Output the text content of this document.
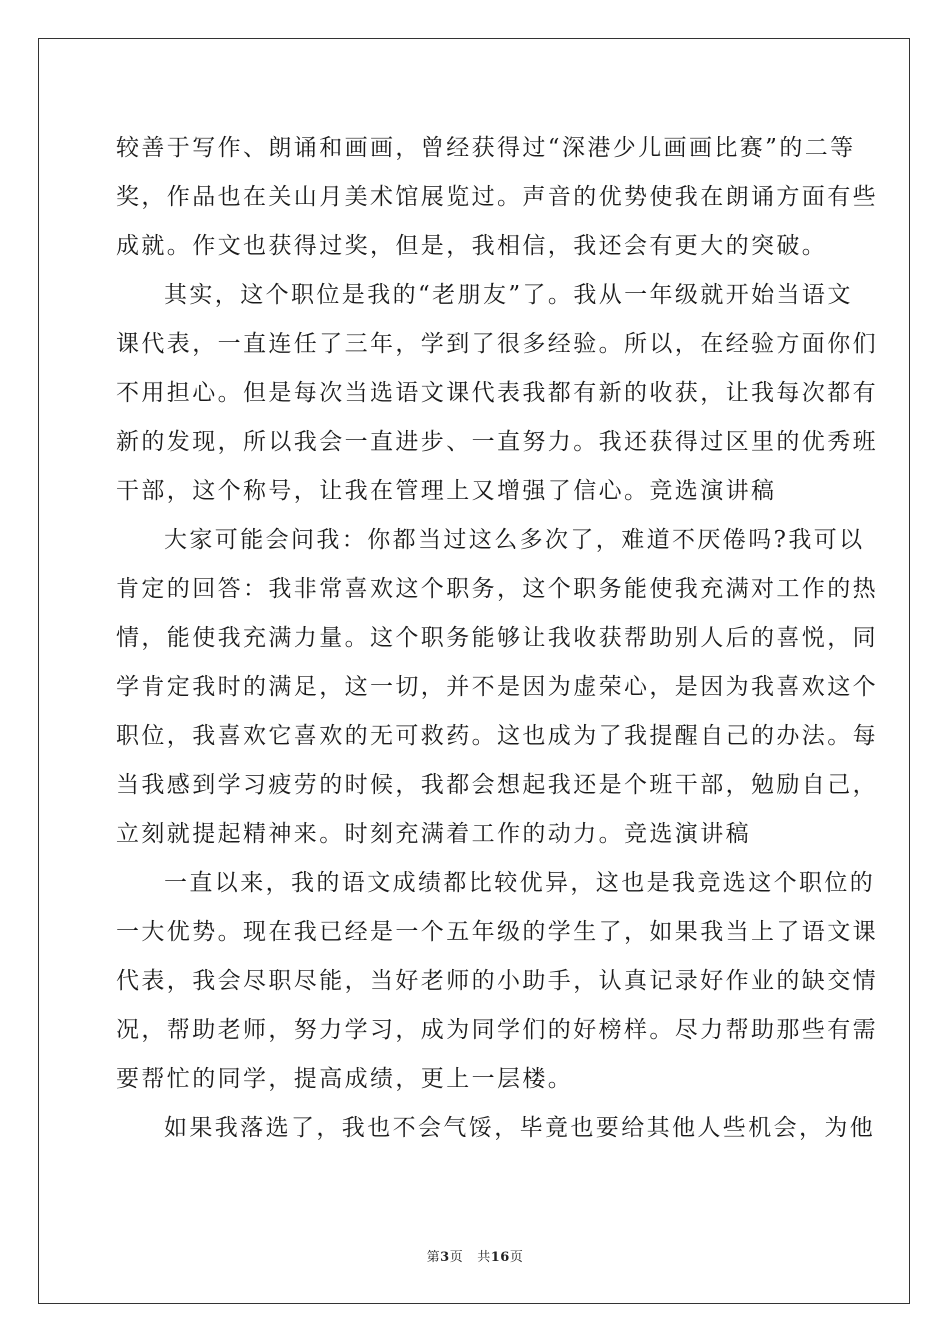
较善于写作、朗诵和画画，曾经获得过“深港少儿画画比赛”的二等
奖，作品也在关山月美术馆展览过。声音的优势使我在朗诵方面有些
成就。作文也获得过奖，但是，我相信，我还会有更大的突破。
其实，这个职位是我的“老朋友”了。我从一年级就开始当语文
课代表，一直连任了三年，学到了很多经验。所以，在经验方面你们
不用担心。但是每次当选语文课代表我都有新的收获，让我每次都有
新的发现，所以我会一直进步、一直努力。我还获得过区里的优秀班
干部，这个称号，让我在管理上又增强了信心。竞选演讲稿
大家可能会问我：你都当过这么多次了，难道不厌倦吗?我可以
肯定的回答：我非常喜欢这个职务，这个职务能使我充满对工作的热
情，能使我充满力量。这个职务能够让我收获帮助别人后的喜悦，同
学肯定我时的满足，这一切，并不是因为虚荣心，是因为我喜欢这个
职位，我喜欢它喜欢的无可救药。这也成为了我提醒自己的办法。每
当我感到学习疲劳的时候，我都会想起我还是个班干部，勉励自己，
立刻就提起精神来。时刻充满着工作的动力。竞选演讲稿
一直以来，我的语文成绩都比较优异，这也是我竞选这个职位的
一大优势。现在我已经是一个五年级的学生了，如果我当上了语文课
代表，我会尽职尽能，当好老师的小助手，认真记录好作业的缺交情
况，帮助老师，努力学习，成为同学们的好榜样。尽力帮助那些有需
要帮忙的同学，提高成绩，更上一层楼。
如果我落选了，我也不会气馁，毕竟也要给其他人些机会，为他
第3页 共16页
